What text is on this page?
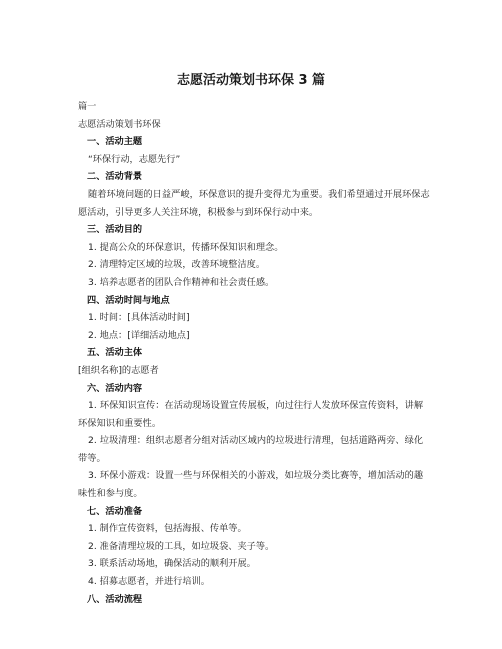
志愿活动策划书环保 3 篇
篇一
志愿活动策划书环保
一、活动主题
“环保行动，志愿先行”
二、活动背景
随着环境问题的日益严峻，环保意识的提升变得尤为重要。我们希望通过开展环保志
愿活动，引导更多人关注环境，积极参与到环保行动中来。
三、活动目的
1. 提高公众的环保意识，传播环保知识和理念。
2. 清理特定区域的垃圾，改善环境整洁度。
3. 培养志愿者的团队合作精神和社会责任感。
四、活动时间与地点
1. 时间：[具体活动时间]
2. 地点：[详细活动地点]
五、活动主体
[组织名称]的志愿者
六、活动内容
1. 环保知识宣传：在活动现场设置宣传展板，向过往行人发放环保宣传资料，讲解
环保知识和重要性。
2. 垃圾清理：组织志愿者分组对活动区域内的垃圾进行清理，包括道路两旁、绿化
带等。
3. 环保小游戏：设置一些与环保相关的小游戏，如垃圾分类比赛等，增加活动的趣
味性和参与度。
七、活动准备
1. 制作宣传资料，包括海报、传单等。
2. 准备清理垃圾的工具，如垃圾袋、夹子等。
3. 联系活动场地，确保活动的顺利开展。
4. 招募志愿者，并进行培训。
八、活动流程
